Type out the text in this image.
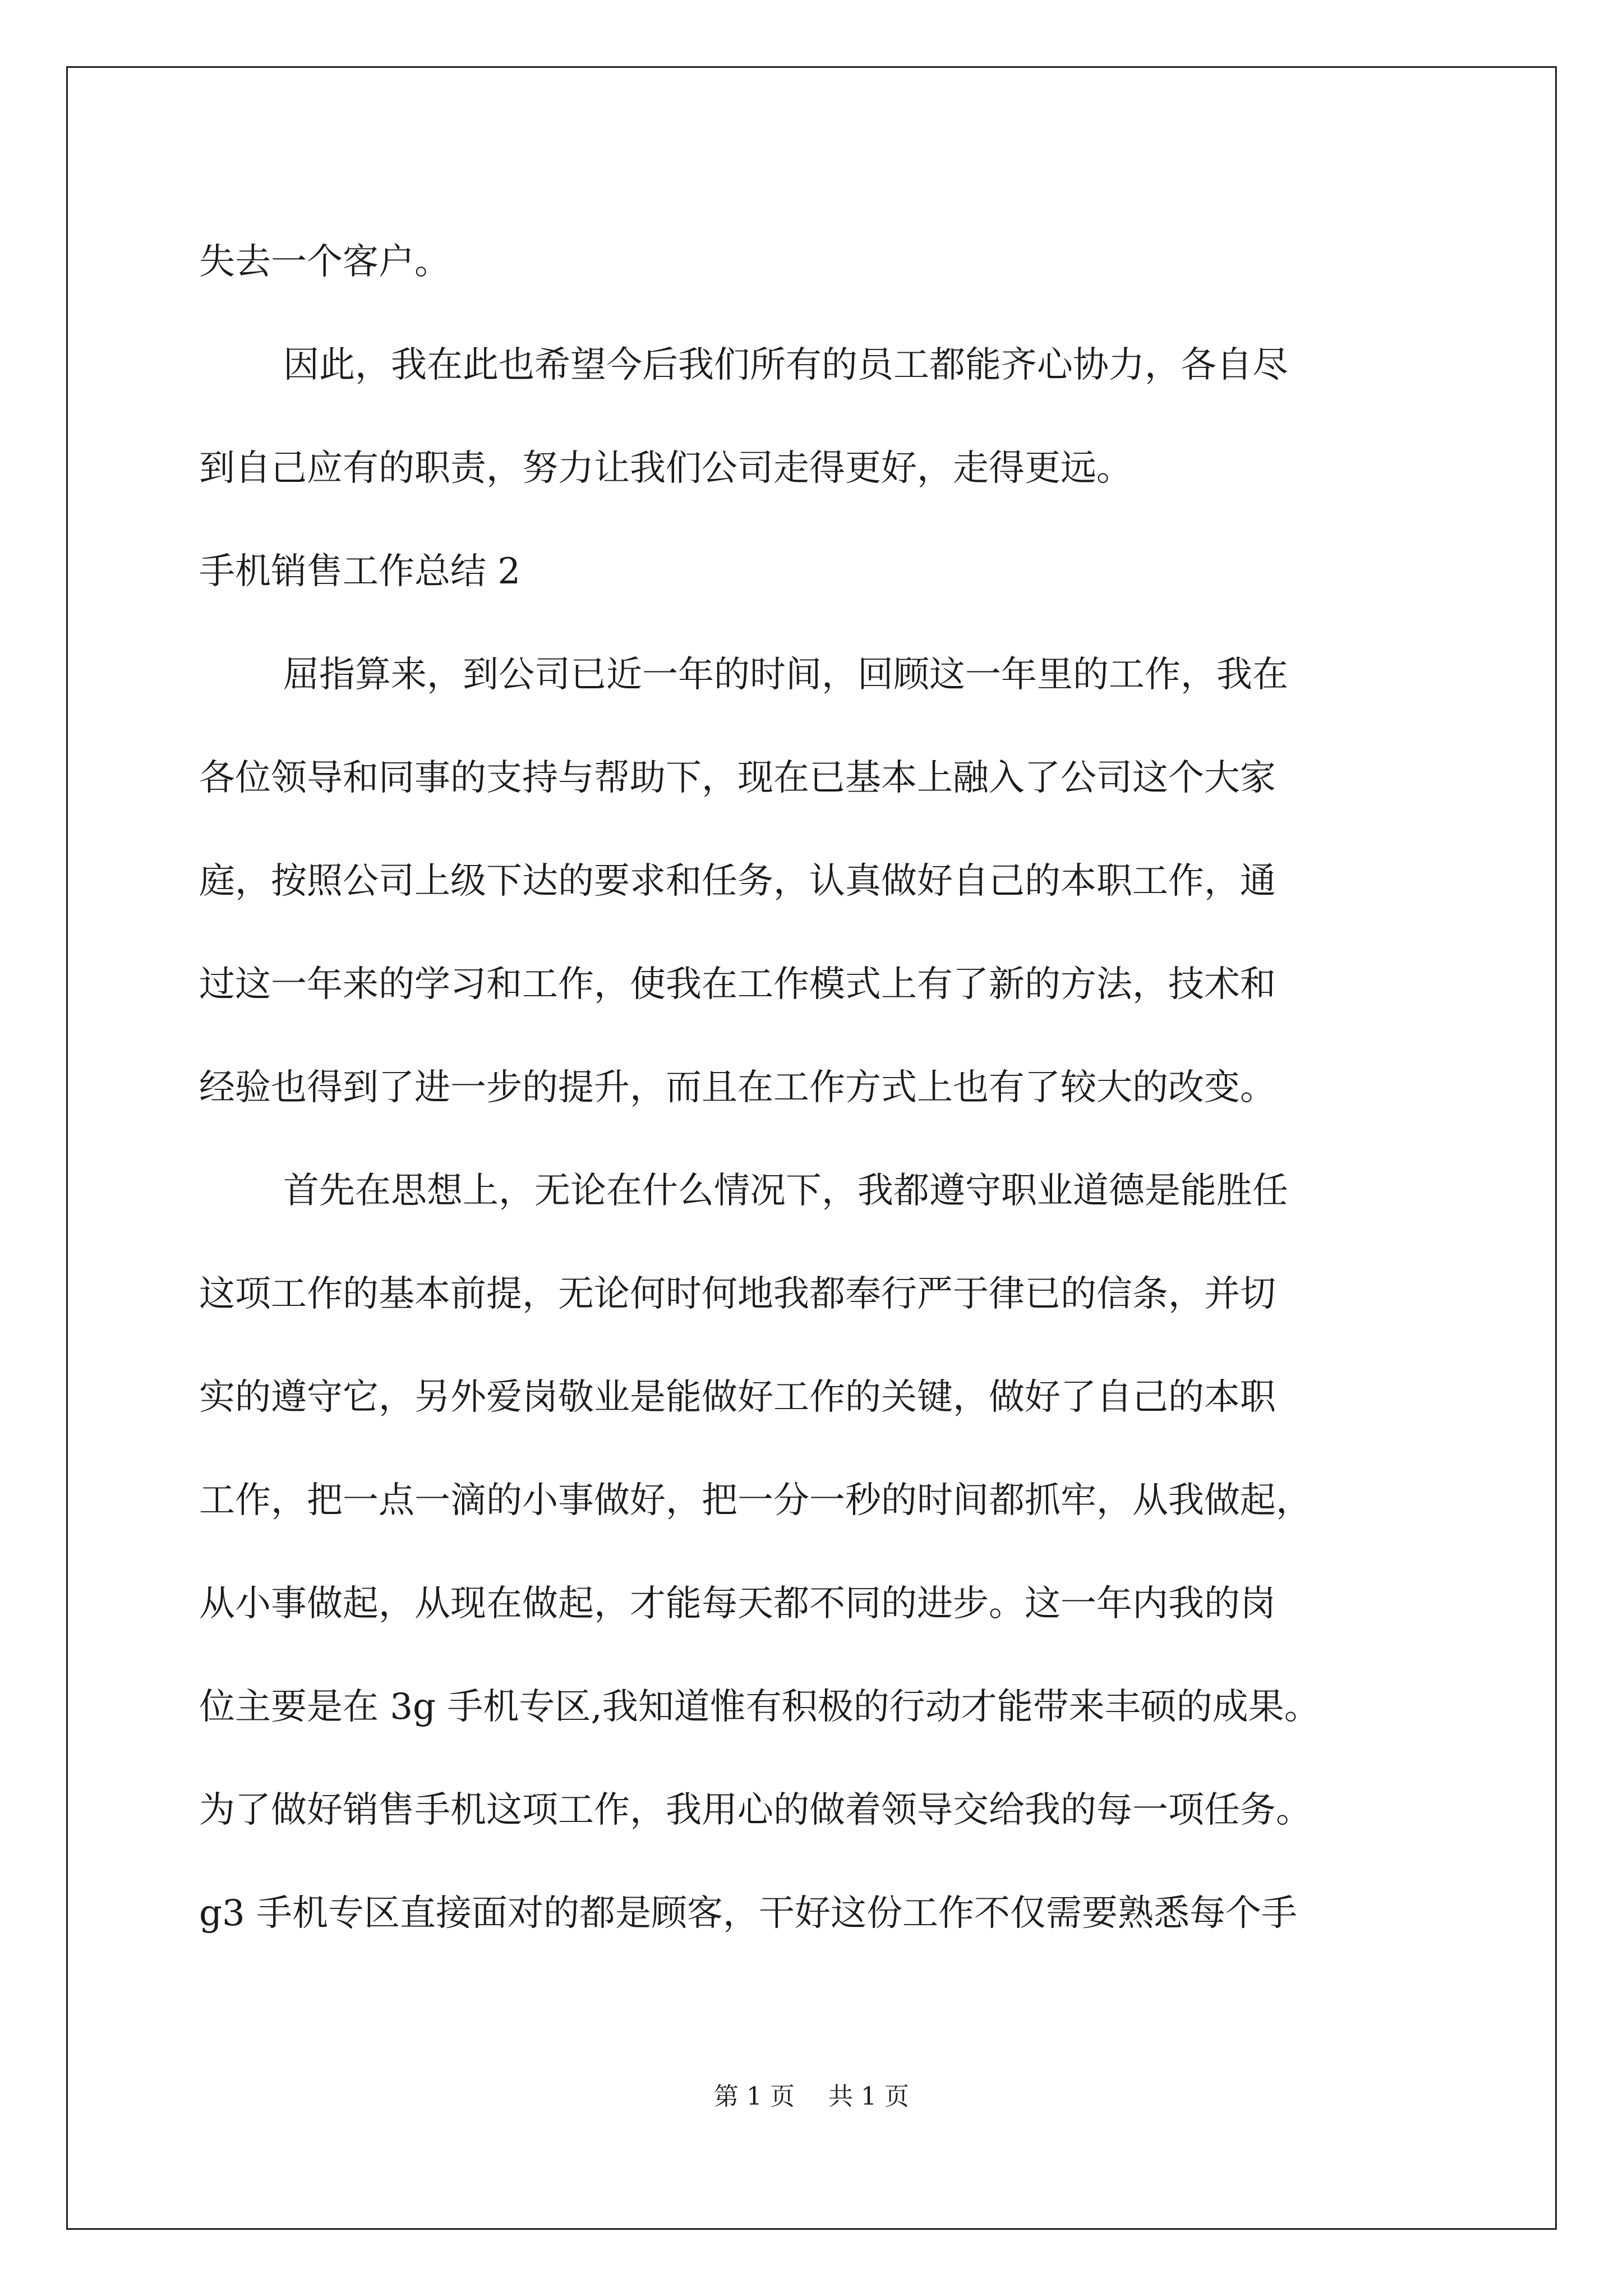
失去一个客户。
因此，我在此也希望今后我们所有的员工都能齐心协力，各自尽
到自己应有的职责，努力让我们公司走得更好，走得更远。
手机销售工作总结 2
屈指算来，到公司已近一年的时间，回顾这一年里的工作，我在
各位领导和同事的支持与帮助下，现在已基本上融入了公司这个大家
庭，按照公司上级下达的要求和任务，认真做好自己的本职工作，通
过这一年来的学习和工作，使我在工作模式上有了新的方法，技术和
经验也得到了进一步的提升，而且在工作方式上也有了较大的改变。
首先在思想上，无论在什么情况下，我都遵守职业道德是能胜任
这项工作的基本前提，无论何时何地我都奉行严于律已的信条，并切
实的遵守它，另外爱岗敬业是能做好工作的关键，做好了自己的本职
工作，把一点一滴的小事做好，把一分一秒的时间都抓牢，从我做起，
从小事做起，从现在做起，才能每天都不同的进步。这一年内我的岗
位主要是在 3g 手机专区,我知道惟有积极的行动才能带来丰硕的成果。
为了做好销售手机这项工作，我用心的做着领导交给我的每一项任务。
g3 手机专区直接面对的都是顾客，干好这份工作不仅需要熟悉每个手
第 1 页 共 1 页
